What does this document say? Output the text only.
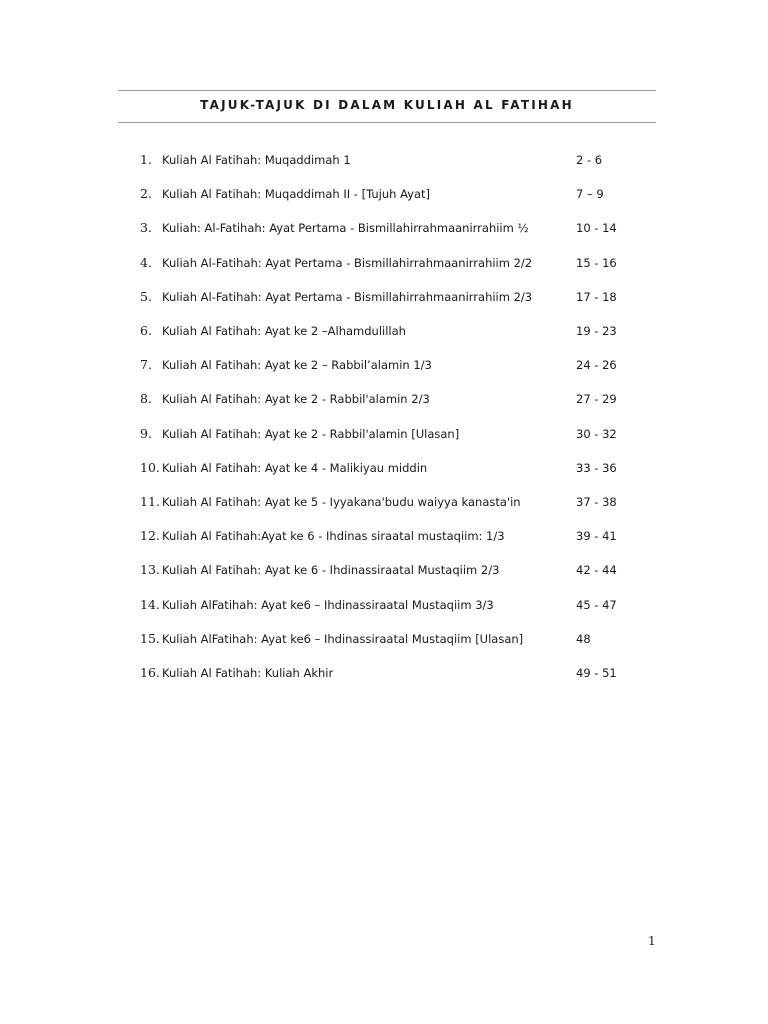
TAJUK-TAJUK DI DALAM KULIAH AL FATIHAH
1. Kuliah Al Fatihah: Muqaddimah 1	2 - 6
2. Kuliah Al Fatihah: Muqaddimah II - [Tujuh Ayat]	7 – 9
3. Kuliah: Al-Fatihah: Ayat Pertama - Bismillahirrahmaanirrahiim ½	10 - 14
4. Kuliah Al-Fatihah: Ayat Pertama - Bismillahirrahmaanirrahiim 2/2	15 - 16
5. Kuliah Al-Fatihah: Ayat Pertama - Bismillahirrahmaanirrahiim 2/3	17 - 18
6. Kuliah Al Fatihah: Ayat ke 2 –Alhamdulillah	19 - 23
7. Kuliah Al Fatihah: Ayat ke 2 – Rabbil’alamin 1/3	24 - 26
8. Kuliah Al Fatihah: Ayat ke 2 - Rabbil'alamin 2/3	27 - 29
9. Kuliah Al Fatihah: Ayat ke 2 - Rabbil'alamin [Ulasan]	30 - 32
10. Kuliah Al Fatihah: Ayat ke 4 - Malikiyau middin	33 - 36
11. Kuliah Al Fatihah: Ayat ke 5 - Iyyakana'budu waiyya kanasta'in	37 - 38
12. Kuliah Al Fatihah:Ayat ke 6 - Ihdinas siraatal mustaqiim: 1/3	39 - 41
13. Kuliah Al Fatihah: Ayat ke 6 - Ihdinassiraatal Mustaqiim 2/3	42 - 44
14. Kuliah AlFatihah: Ayat ke6 – Ihdinassiraatal Mustaqiim 3/3	45 - 47
15. Kuliah AlFatihah: Ayat ke6 – Ihdinassiraatal Mustaqiim [Ulasan]	48
16. Kuliah Al Fatihah: Kuliah Akhir	49 - 51
1
